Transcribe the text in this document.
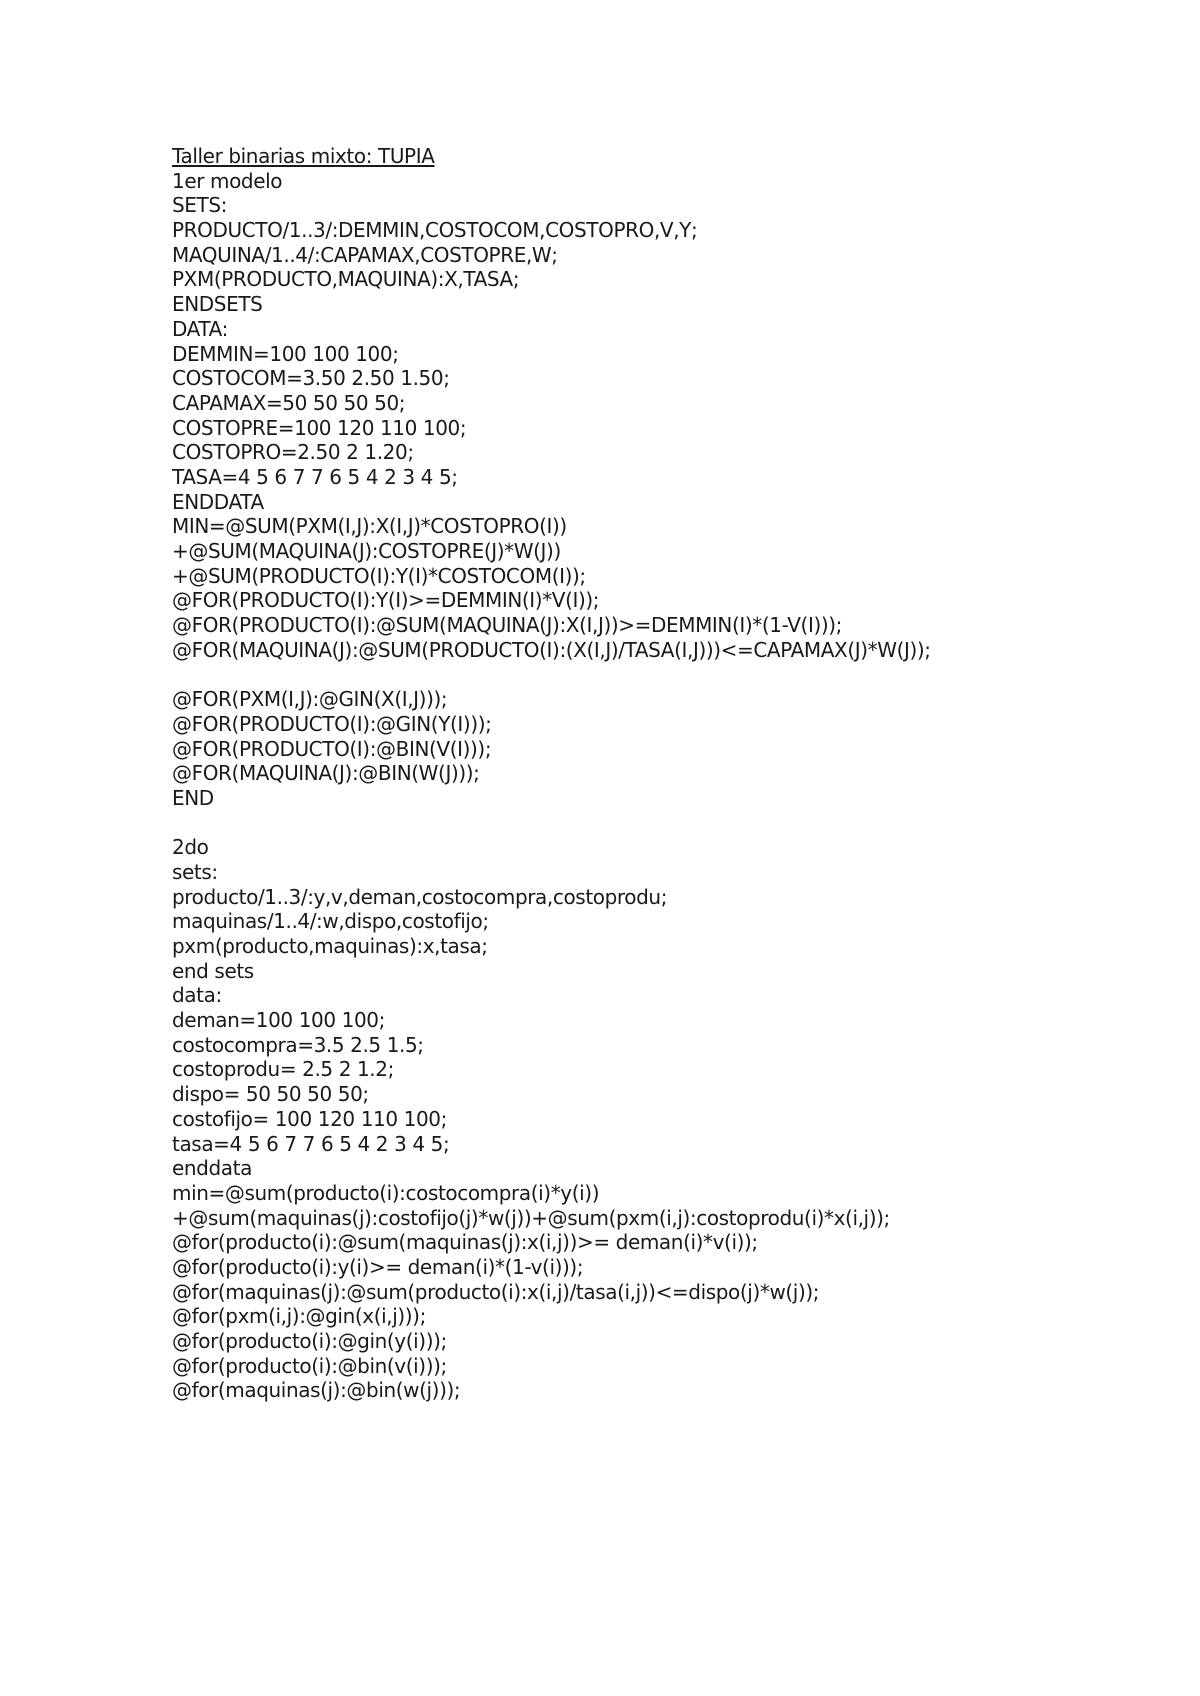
Taller binarias mixto: TUPIA
1er modelo
SETS:
PRODUCTO/1..3/:DEMMIN,COSTOCOM,COSTOPRO,V,Y;
MAQUINA/1..4/:CAPAMAX,COSTOPRE,W;
PXM(PRODUCTO,MAQUINA):X,TASA;
ENDSETS
DATA:
DEMMIN=100 100 100;
COSTOCOM=3.50 2.50 1.50;
CAPAMAX=50 50 50 50;
COSTOPRE=100 120 110 100;
COSTOPRO=2.50 2 1.20;
TASA=4 5 6 7 7 6 5 4 2 3 4 5;
ENDDATA
MIN=@SUM(PXM(I,J):X(I,J)*COSTOPRO(I))
+@SUM(MAQUINA(J):COSTOPRE(J)*W(J))
+@SUM(PRODUCTO(I):Y(I)*COSTOCOM(I));
@FOR(PRODUCTO(I):Y(I)>=DEMMIN(I)*V(I));
@FOR(PRODUCTO(I):@SUM(MAQUINA(J):X(I,J))>=DEMMIN(I)*(1-V(I)));
@FOR(MAQUINA(J):@SUM(PRODUCTO(I):(X(I,J)/TASA(I,J)))<=CAPAMAX(J)*W(J));
@FOR(PXM(I,J):@GIN(X(I,J)));
@FOR(PRODUCTO(I):@GIN(Y(I)));
@FOR(PRODUCTO(I):@BIN(V(I)));
@FOR(MAQUINA(J):@BIN(W(J)));
END
2do
sets:
producto/1..3/:y,v,deman,costocompra,costoprodu;
maquinas/1..4/:w,dispo,costofijo;
pxm(producto,maquinas):x,tasa;
end sets
data:
deman=100 100 100;
costocompra=3.5 2.5 1.5;
costoprodu= 2.5 2 1.2;
dispo= 50 50 50 50;
costofijo= 100 120 110 100;
tasa=4 5 6 7 7 6 5 4 2 3 4 5;
enddata
min=@sum(producto(i):costocompra(i)*y(i))
+@sum(maquinas(j):costofijo(j)*w(j))+@sum(pxm(i,j):costoprodu(i)*x(i,j));
@for(producto(i):@sum(maquinas(j):x(i,j))>= deman(i)*v(i));
@for(producto(i):y(i)>= deman(i)*(1-v(i)));
@for(maquinas(j):@sum(producto(i):x(i,j)/tasa(i,j))<=dispo(j)*w(j));
@for(pxm(i,j):@gin(x(i,j)));
@for(producto(i):@gin(y(i)));
@for(producto(i):@bin(v(i)));
@for(maquinas(j):@bin(w(j)));
